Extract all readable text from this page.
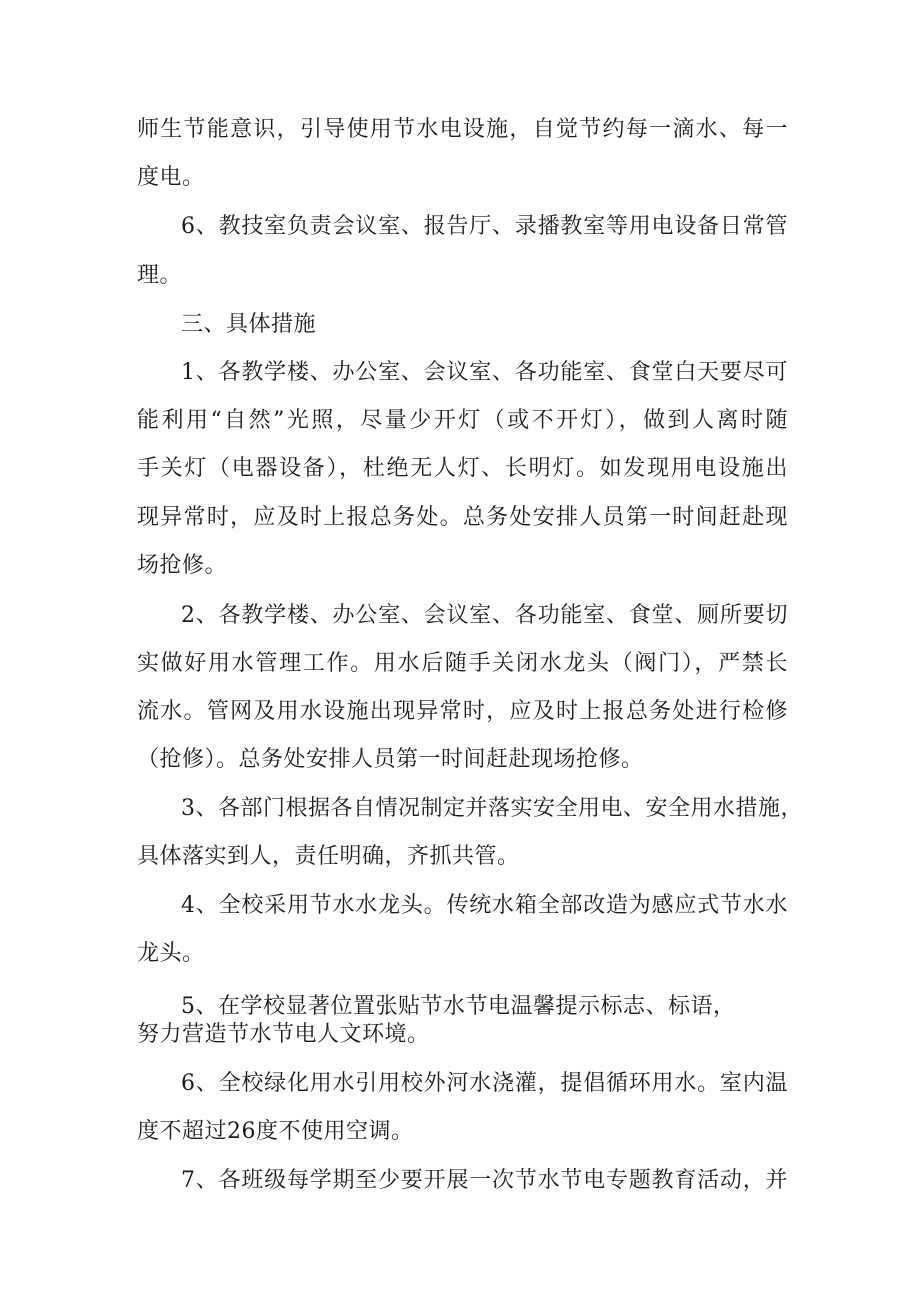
师生节能意识，引导使用节水电设施，自觉节约每一滴水、每一
度电。
6、教技室负责会议室、报告厅、录播教室等用电设备日常管
理。
三、具体措施
1、各教学楼、办公室、会议室、各功能室、食堂白天要尽可
能利用“自然”光照，尽量少开灯（或不开灯），做到人离时随
手关灯（电器设备），杜绝无人灯、长明灯。如发现用电设施出
现异常时，应及时上报总务处。总务处安排人员第一时间赶赴现
场抢修。
2、各教学楼、办公室、会议室、各功能室、食堂、厕所要切
实做好用水管理工作。用水后随手关闭水龙头（阀门），严禁长
流水。管网及用水设施出现异常时，应及时上报总务处进行检修
（抢修）。总务处安排人员第一时间赶赴现场抢修。
3、各部门根据各自情况制定并落实安全用电、安全用水措施，
具体落实到人，责任明确，齐抓共管。
4、全校采用节水水龙头。传统水箱全部改造为感应式节水水
龙头。
5、在学校显著位置张贴节水节电温馨提示标志、标语，
努力营造节水节电人文环境。
6、全校绿化用水引用校外河水浇灌，提倡循环用水。室内温
度不超过26度不使用空调。
7、各班级每学期至少要开展一次节水节电专题教育活动，并
